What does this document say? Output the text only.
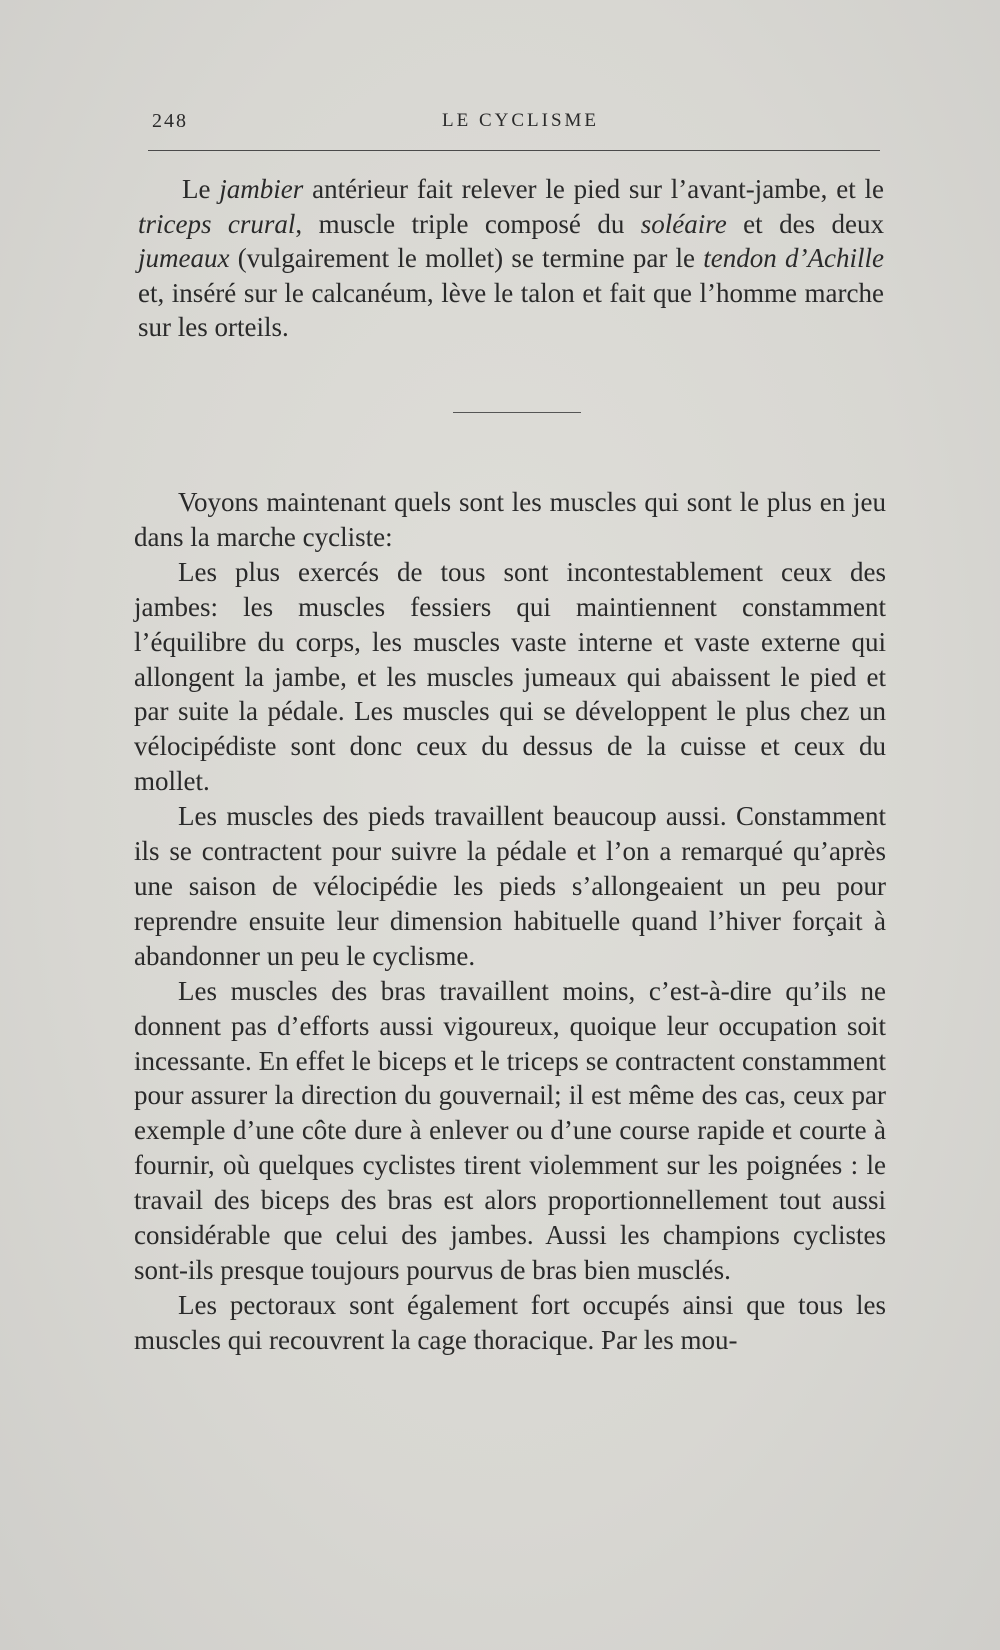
248	LE CYCLISME

Le jambier antérieur fait relever le pied sur l’avant-jambe, et le triceps crural, muscle triple composé du soléaire et des deux jumeaux (vulgairement le mollet) se termine par le tendon d’Achille et, inséré sur le calcanéum, lève le talon et fait que l’homme marche sur les orteils.

Voyons maintenant quels sont les muscles qui sont le plus en jeu dans la marche cycliste:

Les plus exercés de tous sont incontestablement ceux des jambes: les muscles fessiers qui maintiennent constamment l’équilibre du corps, les muscles vaste interne et vaste externe qui allongent la jambe, et les muscles jumeaux qui abaissent le pied et par suite la pédale. Les muscles qui se développent le plus chez un vélocipédiste sont donc ceux du dessus de la cuisse et ceux du mollet.

Les muscles des pieds travaillent beaucoup aussi. Constamment ils se contractent pour suivre la pédale et l’on a remarqué qu’après une saison de vélocipédie les pieds s’allongeaient un peu pour reprendre ensuite leur dimension habituelle quand l’hiver forçait à abandonner un peu le cyclisme.

Les muscles des bras travaillent moins, c’est-à-dire qu’ils ne donnent pas d’efforts aussi vigoureux, quoique leur occupation soit incessante. En effet le biceps et le triceps se contractent constamment pour assurer la direction du gouvernail; il est même des cas, ceux par exemple d’une côte dure à enlever ou d’une course rapide et courte à fournir, où quelques cyclistes tirent violemment sur les poignées : le travail des biceps des bras est alors proportionnellement tout aussi considérable que celui des jambes. Aussi les champions cyclistes sont-ils presque toujours pourvus de bras bien musclés.

Les pectoraux sont également fort occupés ainsi que tous les muscles qui recouvrent la cage thoracique. Par les mou-
